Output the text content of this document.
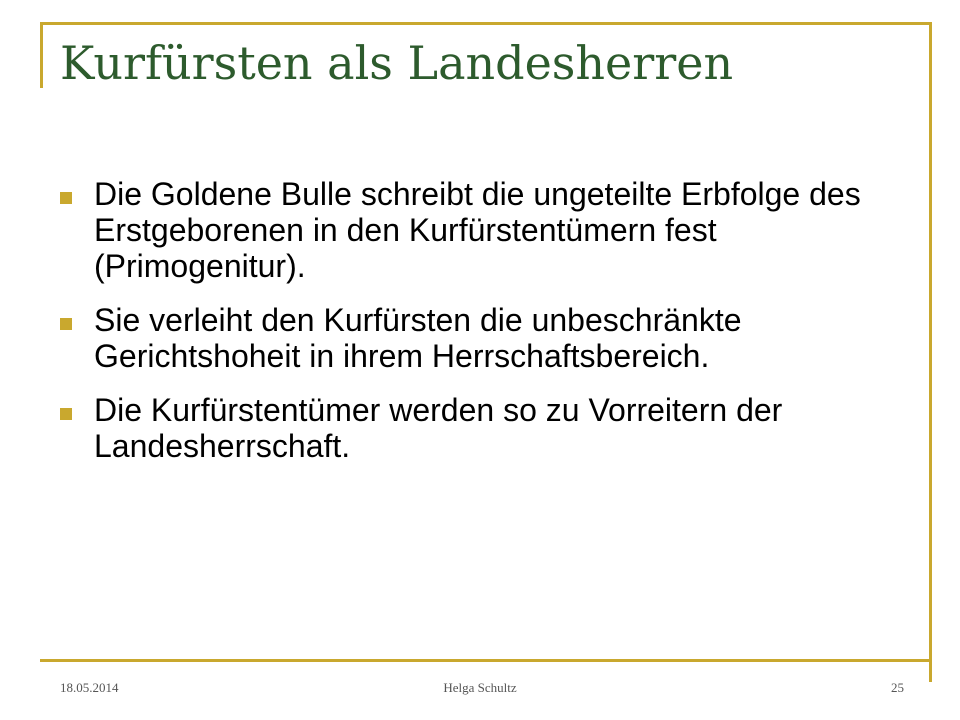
Kurfürsten als Landesherren
Die Goldene Bulle schreibt die ungeteilte Erbfolge des Erstgeborenen in den Kurfürstentümern fest (Primogenitur).
Sie verleiht den Kurfürsten die unbeschränkte Gerichtshoheit in ihrem Herrschaftsbereich.
Die Kurfürstentümer werden so zu Vorreitern der Landesherrschaft.
18.05.2014	Helga Schultz	25
